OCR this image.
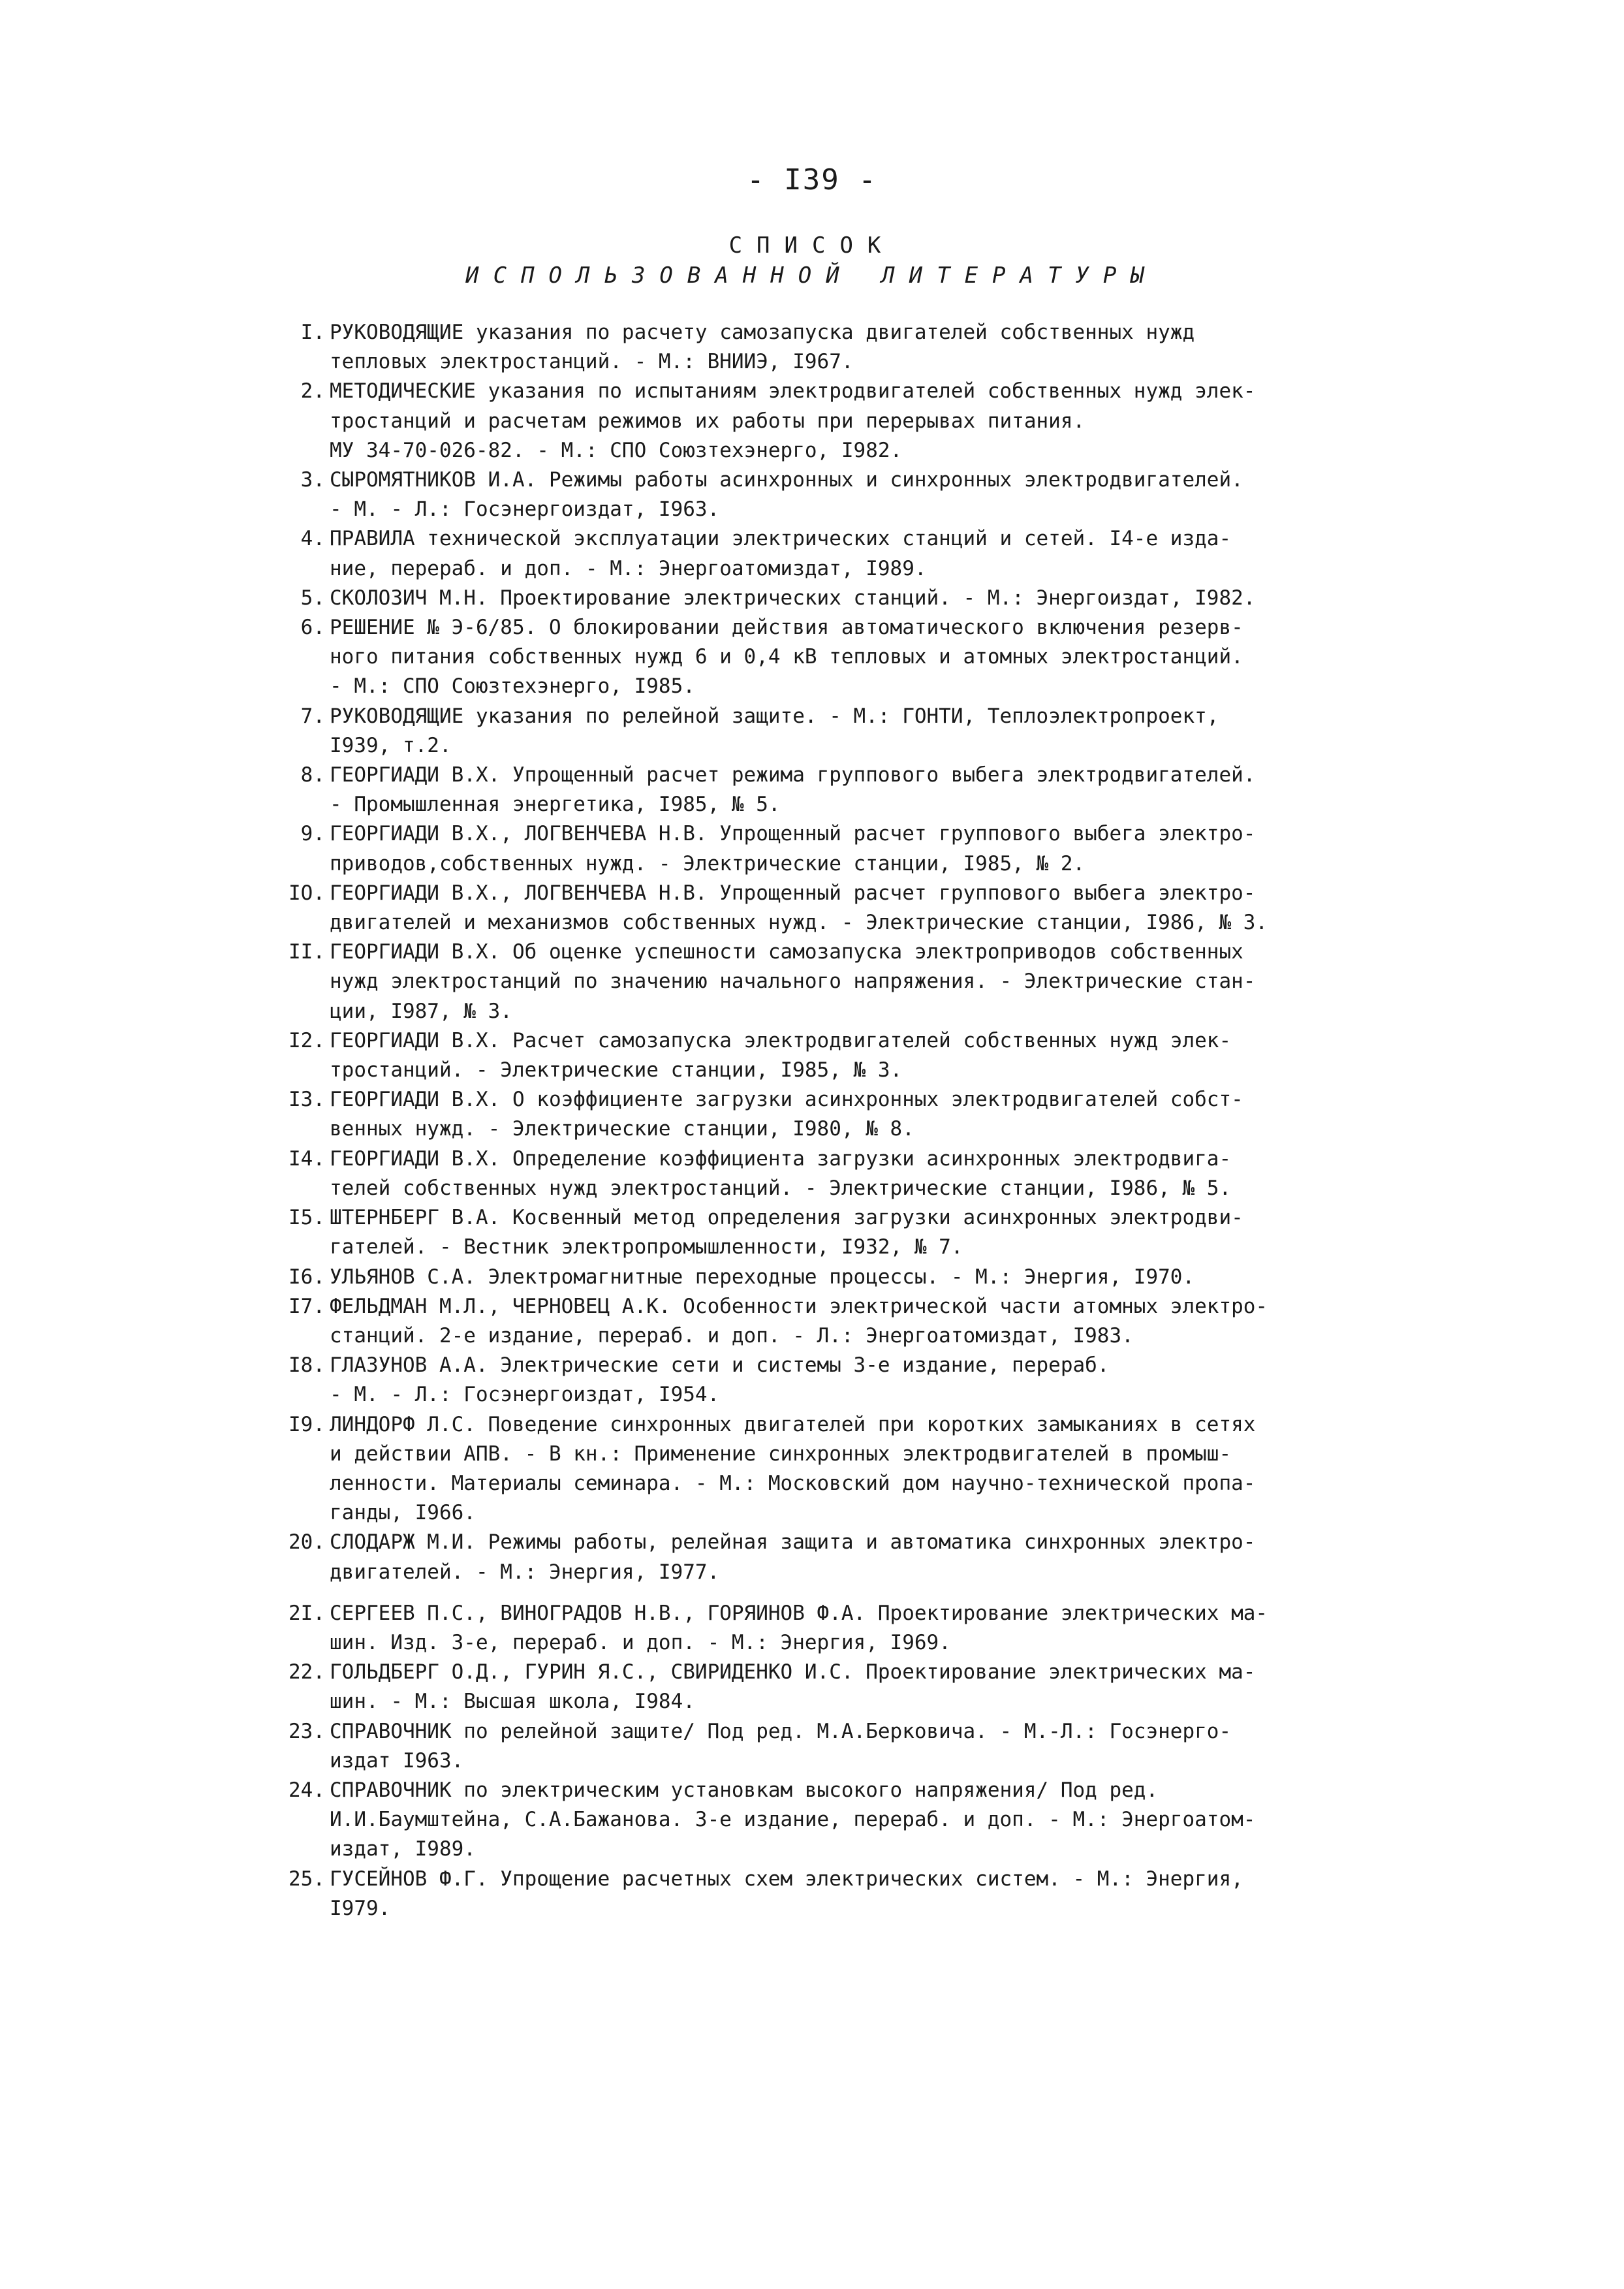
- I39 -
СПИСОК
ИСПОЛЬЗОВАННОЙ ЛИТЕРАТУРЫ
I. РУКОВОДЯЩИЕ указания по расчету самозапуска двигателей собственных нужд
тепловых электростанций. - М.: ВНИИЭ, I967.
2. МЕТОДИЧЕСКИЕ указания по испытаниям электродвигателей собственных нужд элек-
тростанций и расчетам режимов их работы при перерывах питания.
МУ 34-70-026-82. - М.: СПО Союзтехэнерго, I982.
3. СЫРОМЯТНИКОВ И.А. Режимы работы асинхронных и синхронных электродвигателей.
- М. - Л.: Госэнергоиздат, I963.
4. ПРАВИЛА технической эксплуатации электрических станций и сетей. I4-е изда-
ние, перераб. и доп. - М.: Энергоатомиздат, I989.
5. СКОЛОЗИЧ М.Н. Проектирование электрических станций. - М.: Энергоиздат, I982.
6. РЕШЕНИЕ № Э-6/85. О блокировании действия автоматического включения резерв-
ного питания собственных нужд 6 и 0,4 кВ тепловых и атомных электростанций.
- М.: СПО Союзтехэнерго, I985.
7. РУКОВОДЯЩИЕ указания по релейной защите. - М.: ГОНТИ, Теплоэлектропроект,
I939, т.2.
8. ГЕОРГИАДИ В.Х. Упрощенный расчет режима группового выбега электродвигателей.
- Промышленная энергетика, I985, № 5.
9. ГЕОРГИАДИ В.Х., ЛОГВЕНЧЕВА Н.В. Упрощенный расчет группового выбега электро-
приводов,собственных нужд. - Электрические станции, I985, № 2.
IO. ГЕОРГИАДИ В.Х., ЛОГВЕНЧЕВА Н.В. Упрощенный расчет группового выбега электро-
двигателей и механизмов собственных нужд. - Электрические станции, I986, № 3.
II. ГЕОРГИАДИ В.Х. Об оценке успешности самозапуска электроприводов собственных
нужд электростанций по значению начального напряжения. - Электрические стан-
ции, I987, № 3.
I2. ГЕОРГИАДИ В.Х. Расчет самозапуска электродвигателей собственных нужд элек-
тростанций. - Электрические станции, I985, № 3.
I3. ГЕОРГИАДИ В.Х. О коэффициенте загрузки асинхронных электродвигателей собст-
венных нужд. - Электрические станции, I980, № 8.
I4. ГЕОРГИАДИ В.Х. Определение коэффициента загрузки асинхронных электродвига-
телей собственных нужд электростанций. - Электрические станции, I986, № 5.
I5. ШТЕРНБЕРГ В.А. Косвенный метод определения загрузки асинхронных электродви-
гателей. - Вестник электропромышленности, I932, № 7.
I6. УЛЬЯНОВ С.А. Электромагнитные переходные процессы. - М.: Энергия, I970.
I7. ФЕЛЬДМАН М.Л., ЧЕРНОВЕЦ А.К. Особенности электрической части атомных электро-
станций. 2-е издание, перераб. и доп. - Л.: Энергоатомиздат, I983.
I8. ГЛАЗУНОВ А.А. Электрические сети и системы 3-е издание, перераб.
- М. - Л.: Госэнергоиздат, I954.
I9. ЛИНДОРФ Л.С. Поведение синхронных двигателей при коротких замыканиях в сетях
и действии АПВ. - В кн.: Применение синхронных электродвигателей в промыш-
ленности. Материалы семинара. - М.: Московский дом научно-технической пропа-
ганды, I966.
20. СЛОДАРЖ М.И. Режимы работы, релейная защита и автоматика синхронных электро-
двигателей. - М.: Энергия, I977.
2I. СЕРГЕЕВ П.С., ВИНОГРАДОВ Н.В., ГОРЯИНОВ Ф.А. Проектирование электрических ма-
шин. Изд. 3-е, перераб. и доп. - М.: Энергия, I969.
22. ГОЛЬДБЕРГ О.Д., ГУРИН Я.С., СВИРИДЕНКО И.С. Проектирование электрических ма-
шин. - М.: Высшая школа, I984.
23. СПРАВОЧНИК по релейной защите/ Под ред. М.А.Берковича. - М.-Л.: Госэнерго-
издат I963.
24. СПРАВОЧНИК по электрическим установкам высокого напряжения/ Под ред.
И.И.Баумштейна, С.А.Бажанова. 3-е издание, перераб. и доп. - М.: Энергоатом-
издат, I989.
25. ГУСЕЙНОВ Ф.Г. Упрощение расчетных схем электрических систем. - М.: Энергия,
I979.
